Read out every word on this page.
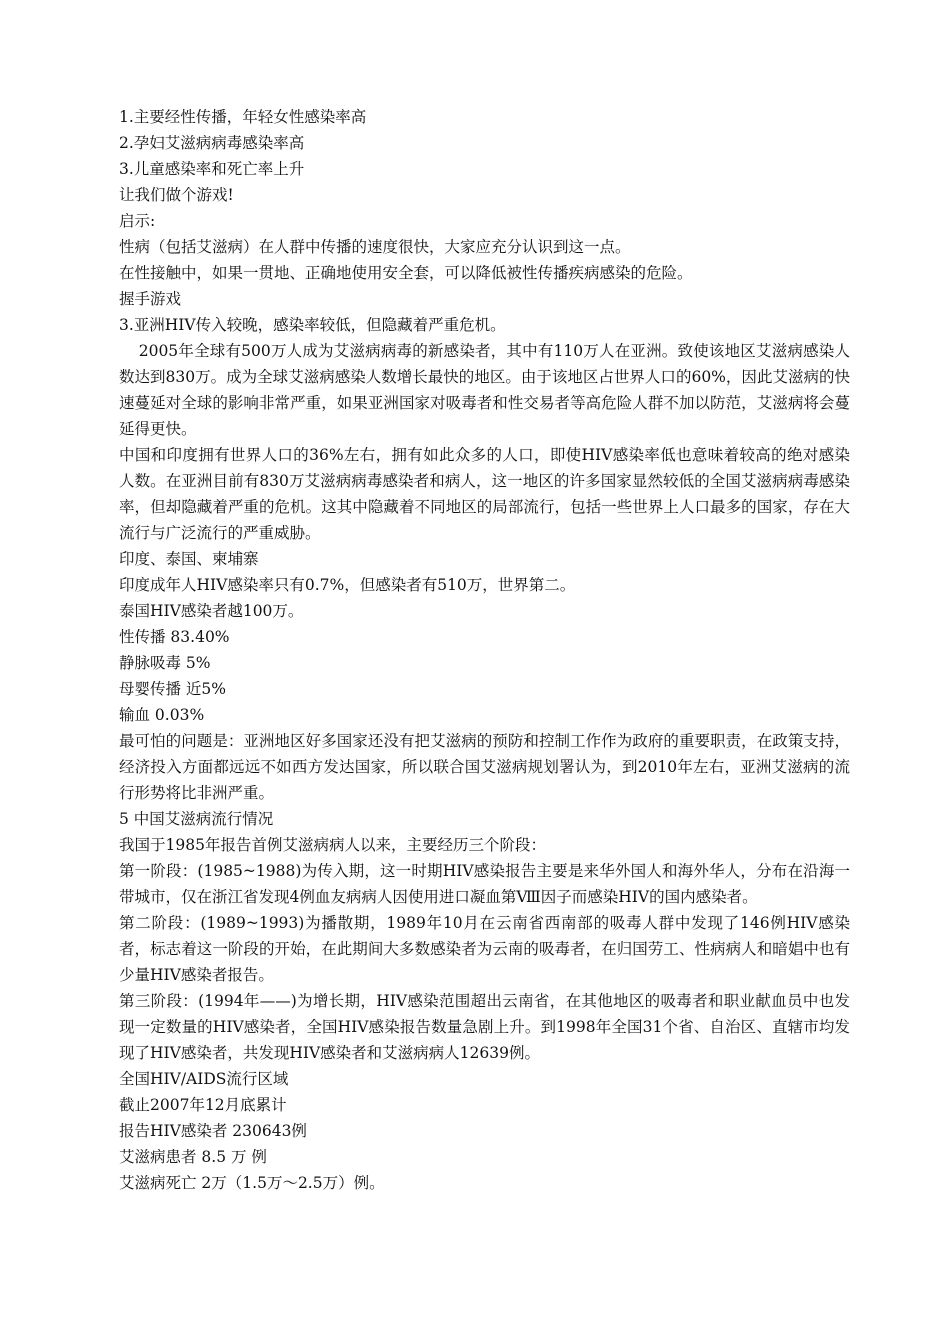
1.主要经性传播，年轻女性感染率高
2.孕妇艾滋病病毒感染率高
3.儿童感染率和死亡率上升
让我们做个游戏!
启示:
性病（包括艾滋病）在人群中传播的速度很快，大家应充分认识到这一点。
在性接触中，如果一贯地、正确地使用安全套，可以降低被性传播疾病感染的危险。
握手游戏
3.亚洲HIV传入较晚，感染率较低，但隐藏着严重危机。
2005年全球有500万人成为艾滋病病毒的新感染者，其中有110万人在亚洲。致使该地区艾滋病感染人数达到830万。成为全球艾滋病感染人数增长最快的地区。由于该地区占世界人口的60%，因此艾滋病的快速蔓延对全球的影响非常严重，如果亚洲国家对吸毒者和性交易者等高危险人群不加以防范，艾滋病将会蔓延得更快。
中国和印度拥有世界人口的36%左右，拥有如此众多的人口，即使HIV感染率低也意味着较高的绝对感染人数。在亚洲目前有830万艾滋病病毒感染者和病人，这一地区的许多国家显然较低的全国艾滋病病毒感染率，但却隐藏着严重的危机。这其中隐藏着不同地区的局部流行，包括一些世界上人口最多的国家，存在大流行与广泛流行的严重威胁。
印度、泰国、柬埔寨
印度成年人HIV感染率只有0.7%，但感染者有510万，世界第二。
泰国HIV感染者越100万。
性传播 83.40%
静脉吸毒 5%
母婴传播 近5%
输血 0.03%
最可怕的问题是：亚洲地区好多国家还没有把艾滋病的预防和控制工作作为政府的重要职责，在政策支持，经济投入方面都远远不如西方发达国家，所以联合国艾滋病规划署认为，到2010年左右，亚洲艾滋病的流行形势将比非洲严重。
5 中国艾滋病流行情况
我国于1985年报告首例艾滋病病人以来，主要经历三个阶段：
第一阶段：(1985~1988)为传入期，这一时期HIV感染报告主要是来华外国人和海外华人，分布在沿海一带城市，仅在浙江省发现4例血友病病人因使用进口凝血第Ⅷ因子而感染HIV的国内感染者。
第二阶段：(1989~1993)为播散期，1989年10月在云南省西南部的吸毒人群中发现了146例HIV感染者，标志着这一阶段的开始，在此期间大多数感染者为云南的吸毒者，在归国劳工、性病病人和暗娼中也有少量HIV感染者报告。
第三阶段：(1994年——)为增长期，HIV感染范围超出云南省，在其他地区的吸毒者和职业献血员中也发现一定数量的HIV感染者，全国HIV感染报告数量急剧上升。到1998年全国31个省、自治区、直辖市均发现了HIV感染者，共发现HIV感染者和艾滋病病人12639例。
全国HIV/AIDS流行区域
截止2007年12月底累计
报告HIV感染者 230643例
艾滋病患者 8.5 万 例
艾滋病死亡 2万（1.5万～2.5万）例。
